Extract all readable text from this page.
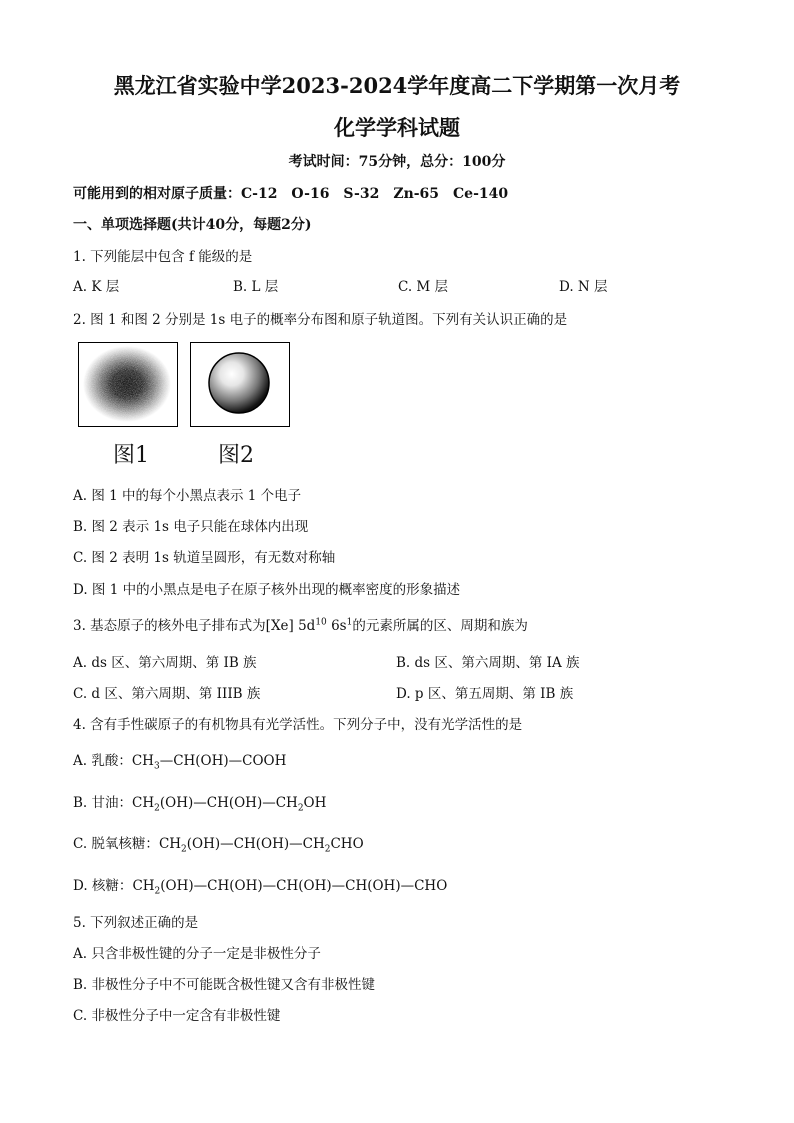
黑龙江省实验中学2023-2024学年度高二下学期第一次月考
化学学科试题
考试时间：75分钟，总分：100分
可能用到的相对原子质量：C-12　O-16　S-32　Zn-65　Ce-140
一、单项选择题(共计40分，每题2分)
1. 下列能层中包含 f 能级的是
A. K 层	B. L 层	C. M 层	D. N 层
2. 图 1 和图 2 分别是 1s 电子的概率分布图和原子轨道图。下列有关认识正确的是
图1	图2
A. 图 1 中的每个小黑点表示 1 个电子
B. 图 2 表示 1s 电子只能在球体内出现
C. 图 2 表明 1s 轨道呈圆形，有无数对称轴
D. 图 1 中的小黑点是电子在原子核外出现的概率密度的形象描述
3. 基态原子的核外电子排布式为[Xe] $5d^{10}$ $6s^1$的元素所属的区、周期和族为
A. ds 区、第六周期、第 IB 族	B. ds 区、第六周期、第 IA 族
C. d 区、第六周期、第 IIIB 族	D. p 区、第五周期、第 IB 族
4. 含有手性碳原子的有机物具有光学活性。下列分子中，没有光学活性的是
A. 乳酸：$CH_3—CH(OH)—COOH$
B. 甘油：$CH_2(OH)—CH(OH)—CH_2OH$
C. 脱氧核糖：$CH_2(OH)—CH(OH)—CH_2CHO$
D. 核糖：$CH_2(OH)—CH(OH)—CH(OH)—CH(OH)—CHO$
5. 下列叙述正确的是
A. 只含非极性键的分子一定是非极性分子
B. 非极性分子中不可能既含极性键又含有非极性键
C. 非极性分子中一定含有非极性键
